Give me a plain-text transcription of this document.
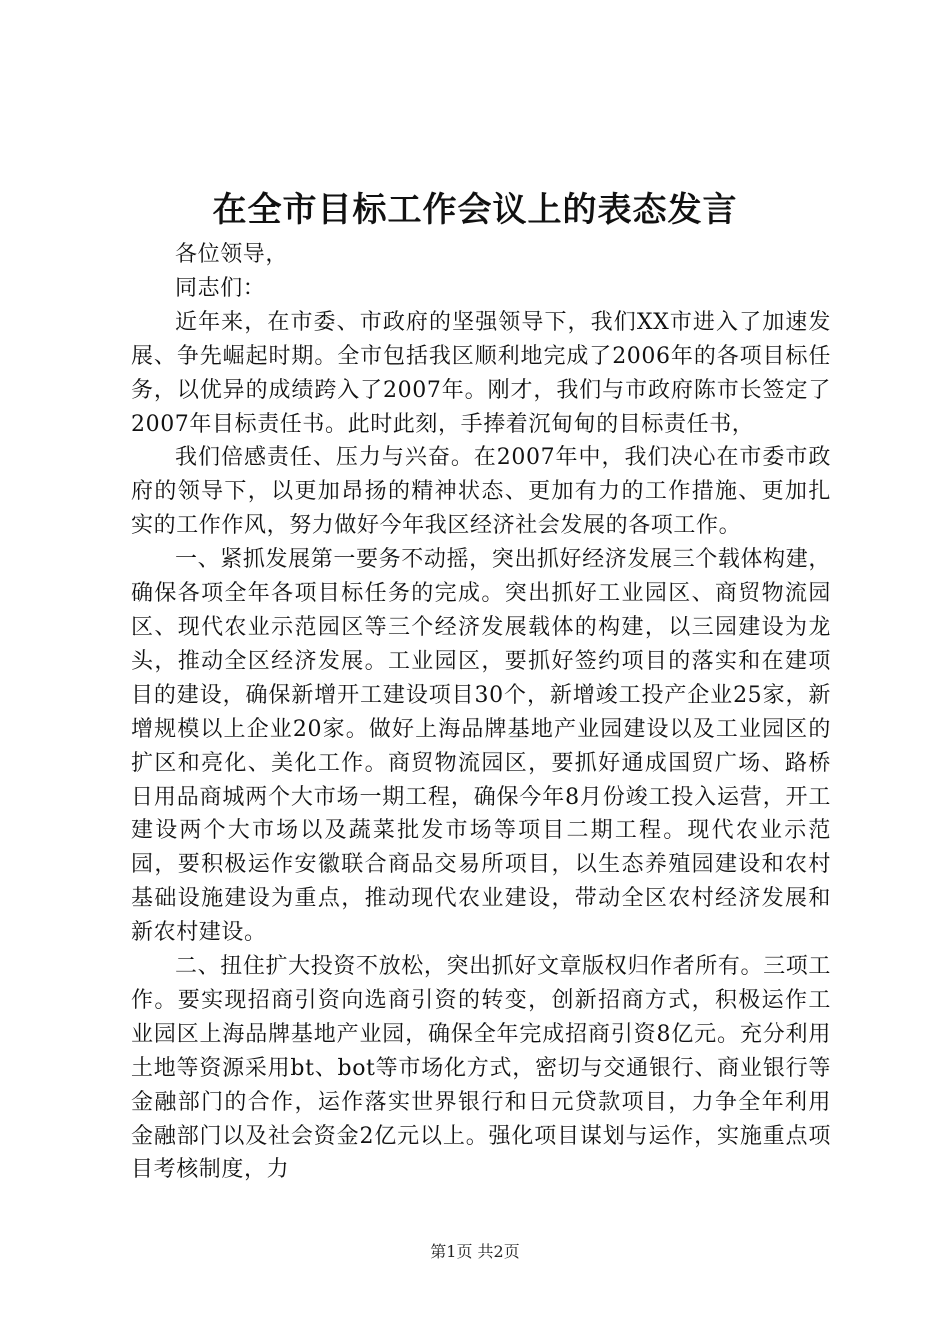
在全市目标工作会议上的表态发言

各位领导，

同志们：

近年来，在市委、市政府的坚强领导下，我们XX市进入了加速发展、争先崛起时期。全市包括我区顺利地完成了2006年的各项目标任务，以优异的成绩跨入了2007年。刚才，我们与市政府陈市长签定了2007年目标责任书。此时此刻，手捧着沉甸甸的目标责任书，

我们倍感责任、压力与兴奋。在2007年中，我们决心在市委市政府的领导下，以更加昂扬的精神状态、更加有力的工作措施、更加扎实的工作作风，努力做好今年我区经济社会发展的各项工作。

一、紧抓发展第一要务不动摇，突出抓好经济发展三个载体构建，确保各项全年各项目标任务的完成。突出抓好工业园区、商贸物流园区、现代农业示范园区等三个经济发展载体的构建，以三园建设为龙头，推动全区经济发展。工业园区，要抓好签约项目的落实和在建项目的建设，确保新增开工建设项目30个，新增竣工投产企业25家，新增规模以上企业20家。做好上海品牌基地产业园建设以及工业园区的扩区和亮化、美化工作。商贸物流园区，要抓好通成国贸广场、路桥日用品商城两个大市场一期工程，确保今年8月份竣工投入运营，开工建设两个大市场以及蔬菜批发市场等项目二期工程。现代农业示范园，要积极运作安徽联合商品交易所项目，以生态养殖园建设和农村基础设施建设为重点，推动现代农业建设，带动全区农村经济发展和新农村建设。

二、扭住扩大投资不放松，突出抓好文章版权归作者所有。三项工作。要实现招商引资向选商引资的转变，创新招商方式，积极运作工业园区上海品牌基地产业园，确保全年完成招商引资8亿元。充分利用土地等资源采用bt、bot等市场化方式，密切与交通银行、商业银行等金融部门的合作，运作落实世界银行和日元贷款项目，力争全年利用金融部门以及社会资金2亿元以上。强化项目谋划与运作，实施重点项目考核制度，力

第1页 共2页
